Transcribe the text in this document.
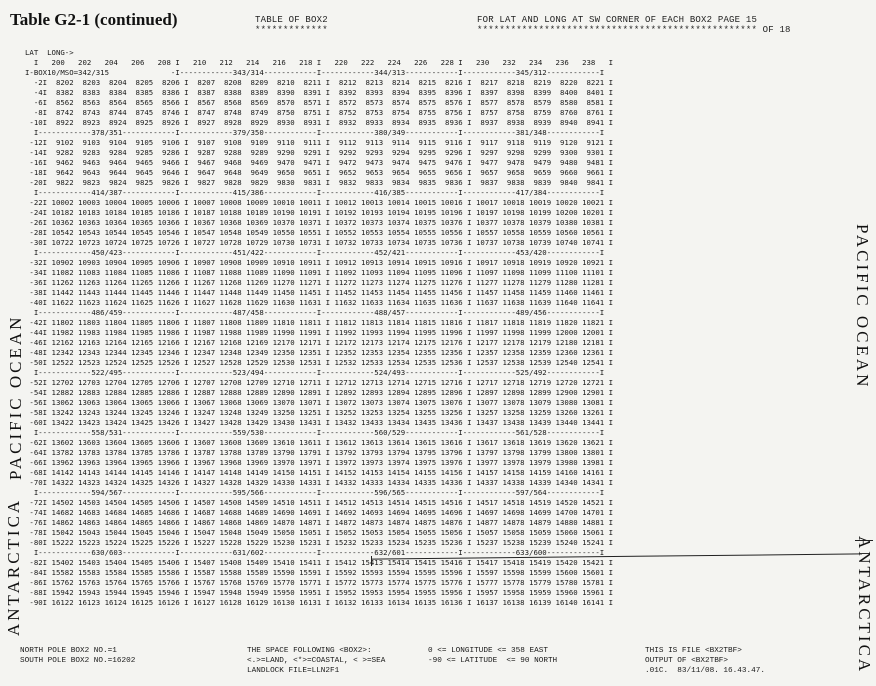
Table G2-1 (continued)	TABLE OF BOX2
*************
FOR LAT AND LONG AT SW CORNER OF EACH BOX2 PAGE 15
************************************************** OF 18
LAT  LONG->
I   200   202   204   206   208 I   210   212   214   216   218 I   220   222   224   226   228 I   230   232   234   236   238   I
I-BOX10/MSO=342/315              -I------------343/314------------I------------344/313------------I------------345/312------------I
-2I  8202  8203  8204  8205  8206 I  8207  8208  8209  8210  8211 I  8212  8213  8214  8215  8216 I  8217  8218  8219  8220  8221 I
-4I  8382  8383  8384  8385  8386 I  8387  8388  8389  8390  8391 I  8392  8393  8394  8395  8396 I  8397  8398  8399  8400  8401 I
-6I  8562  8563  8564  8565  8566 I  8567  8568  8569  8570  8571 I  8572  8573  8574  8575  8576 I  8577  8578  8579  8580  8581 I
-8I  8742  8743  8744  8745  8746 I  8747  8748  8749  8750  8751 I  8752  8753  8754  8755  8756 I  8757  8758  8759  8760  8761 I
-10I  8922  8923  8924  8925  8926 I  8927  8928  8929  8930  8931 I  8932  8933  8934  8935  8936 I  8937  8938  8939  8940  8941 I
I------------378/351------------I------------379/350------------I------------380/349------------I------------381/348------------I
-12I  9102  9103  9104  9105  9106 I  9107  9108  9109  9110  9111 I  9112  9113  9114  9115  9116 I  9117  9118  9119  9120  9121 I
-14I  9282  9283  9284  9285  9286 I  9287  9288  9289  9290  9291 I  9292  9293  9294  9295  9296 I  9297  9298  9299  9300  9301 I
-16I  9462  9463  9464  9465  9466 I  9467  9468  9469  9470  9471 I  9472  9473  9474  9475  9476 I  9477  9478  9479  9480  9481 I
-18I  9642  9643  9644  9645  9646 I  9647  9648  9649  9650  9651 I  9652  9653  9654  9655  9656 I  9657  9658  9659  9660  9661 I
-20I  9822  9823  9824  9825  9826 I  9827  9828  9829  9830  9831 I  9832  9833  9834  9835  9836 I  9837  9838  9839  9840  9841 I
I------------414/387------------I------------415/386------------I------------416/385------------I------------417/384------------I
-22I 10002 10003 10004 10005 10006 I 10007 10008 10009 10010 10011 I 10012 10013 10014 10015 10016 I 10017 10018 10019 10020 10021 I
-24I 10182 10183 10184 10185 10186 I 10187 10188 10189 10190 10191 I 10192 10193 10194 10195 10196 I 10197 10198 10199 10200 10201 I
-26I 10362 10363 10364 10365 10366 I 10367 10368 10369 10370 10371 I 10372 10373 10374 10375 10376 I 10377 10378 10379 10380 10381 I
-28I 10542 10543 10544 10545 10546 I 10547 10548 10549 10550 10551 I 10552 10553 10554 10555 10556 I 10557 10558 10559 10560 10561 I
-30I 10722 10723 10724 10725 10726 I 10727 10728 10729 10730 10731 I 10732 10733 10734 10735 10736 I 10737 10738 10739 10740 10741 I
I------------450/423------------I------------451/422------------I------------452/421------------I------------453/420------------I
-32I 10902 10903 10904 10905 10906 I 10907 10908 10909 10910 10911 I 10912 10913 10914 10915 10916 I 10917 10918 10919 10920 10921 I
-34I 11082 11083 11084 11085 11086 I 11087 11088 11089 11090 11091 I 11092 11093 11094 11095 11096 I 11097 11098 11099 11100 11101 I
-36I 11262 11263 11264 11265 11266 I 11267 11268 11269 11270 11271 I 11272 11273 11274 11275 11276 I 11277 11278 11279 11280 11281 I
-38I 11442 11443 11444 11445 11446 I 11447 11448 11449 11450 11451 I 11452 11453 11454 11455 11456 I 11457 11458 11459 11460 11461 I
-40I 11622 11623 11624 11625 11626 I 11627 11628 11629 11630 11631 I 11632 11633 11634 11635 11636 I 11637 11638 11639 11640 11641 I
I------------486/459------------I------------487/458------------I------------488/457------------I------------489/456------------I
-42I 11802 11803 11804 11805 11806 I 11807 11808 11809 11810 11811 I 11812 11813 11814 11815 11816 I 11817 11818 11819 11820 11821 I
-44I 11982 11983 11984 11985 11986 I 11987 11988 11989 11990 11991 I 11992 11993 11994 11995 11996 I 11997 11998 11999 12000 12001 I
-46I 12162 12163 12164 12165 12166 I 12167 12168 12169 12170 12171 I 12172 12173 12174 12175 12176 I 12177 12178 12179 12180 12181 I
-48I 12342 12343 12344 12345 12346 I 12347 12348 12349 12350 12351 I 12352 12353 12354 12355 12356 I 12357 12358 12359 12360 12361 I
-50I 12522 12523 12524 12525 12526 I 12527 12528 12529 12530 12531 I 12532 12533 12534 12535 12536 I 12537 12538 12539 12540 12541 I
I------------522/495------------I------------523/494------------I------------524/493------------I------------525/492------------I
-52I 12702 12703 12704 12705 12706 I 12707 12708 12709 12710 12711 I 12712 12713 12714 12715 12716 I 12717 12718 12719 12720 12721 I
-54I 12882 12883 12884 12885 12886 I 12887 12888 12889 12890 12891 I 12892 12893 12894 12895 12896 I 12897 12898 12899 12900 12901 I
-56I 13062 13063 13064 13065 13066 I 13067 13068 13069 13070 13071 I 13072 13073 13074 13075 13076 I 13077 13078 13079 13080 13081 I
-58I 13242 13243 13244 13245 13246 I 13247 13248 13249 13250 13251 I 13252 13253 13254 13255 13256 I 13257 13258 13259 13260 13261 I
-60I 13422 13423 13424 13425 13426 I 13427 13428 13429 13430 13431 I 13432 13433 13434 13435 13436 I 13437 13438 13439 13440 13441 I
I------------558/531------------I------------559/530------------I------------560/529------------I------------561/528------------I
-62I 13602 13603 13604 13605 13606 I 13607 13608 13609 13610 13611 I 13612 13613 13614 13615 13616 I 13617 13618 13619 13620 13621 I
-64I 13782 13783 13784 13785 13786 I 13787 13788 13789 13790 13791 I 13792 13793 13794 13795 13796 I 13797 13798 13799 13800 13801 I
-66I 13962 13963 13964 13965 13966 I 13967 13968 13969 13970 13971 I 13972 13973 13974 13975 13976 I 13977 13978 13979 13980 13981 I
-68I 14142 14143 14144 14145 14146 I 14147 14148 14149 14150 14151 I 14152 14153 14154 14155 14156 I 14157 14158 14159 14160 14161 I
-70I 14322 14323 14324 14325 14326 I 14327 14328 14329 14330 14331 I 14332 14333 14334 14335 14336 I 14337 14338 14339 14340 14341 I
I------------594/567------------I------------595/566------------I------------596/565------------I------------597/564------------I
-72I 14502 14503 14504 14505 14506 I 14507 14508 14509 14510 14511 I 14512 14513 14514 14515 14516 I 14517 14518 14519 14520 14521 I
-74I 14682 14683 14684 14685 14686 I 14687 14688 14689 14690 14691 I 14692 14693 14694 14695 14696 I 14697 14698 14699 14700 14701 I
-76I 14862 14863 14864 14865 14866 I 14867 14868 14869 14870 14871 I 14872 14873 14874 14875 14876 I 14877 14878 14879 14880 14881 I
-78I 15042 15043 15044 15045 15046 I 15047 15048 15049 15050 15051 I 15052 15053 15054 15055 15056 I 15057 15058 15059 15060 15061 I
-80I 15222 15223 15224 15225 15226 I 15227 15228 15229 15230 15231 I 15232 15233 15234 15235 15236 I 15237 15238 15239 15240 15241 I
I------------630/603------------I------------631/602------------I------------632/601------------I------------633/600------------I
-82I 15402 15403 15404 15405 15406 I 15407 15408 15409 15410 15411 I 15412 15413 15414 15415 15416 I 15417 15418 15419 15420 15421 I
-84I 15582 15583 15584 15585 15586 I 15587 15588 15589 15590 15591 I 15592 15593 15594 15595 15596 I 15597 15598 15599 15600 15601 I
-86I 15762 15763 15764 15765 15766 I 15767 15768 15769 15770 15771 I 15772 15773 15774 15775 15776 I 15777 15778 15779 15780 15781 I
-88I 15942 15943 15944 15945 15946 I 15947 15948 15949 15950 15951 I 15952 15953 15954 15955 15956 I 15957 15958 15959 15960 15961 I
-90I 16122 16123 16124 16125 16126 I 16127 16128 16129 16130 16131 I 16132 16133 16134 16135 16136 I 16137 16138 16139 16140 16141 I
NORTH POLE BOX2 NO.=1
SOUTH POLE BOX2 NO.=16202
THE SPACE FOLLOWING <BOX2>:
<.>=LAND, <*>=COASTAL, < >=SEA
LANDLOCK FILE=LLN2F1
0 <= LONGITUDE <= 358 EAST
-90 <= LATITUDE  <= 90 NORTH
THIS IS FILE <BX2TBF>
OUTPUT OF <BX2TBF>
.01C.  83/11/08. 16.43.47.
PACIFIC OCEAN
PACIFIC OCEAN
ANTARCTICA	ANTARCTICA
